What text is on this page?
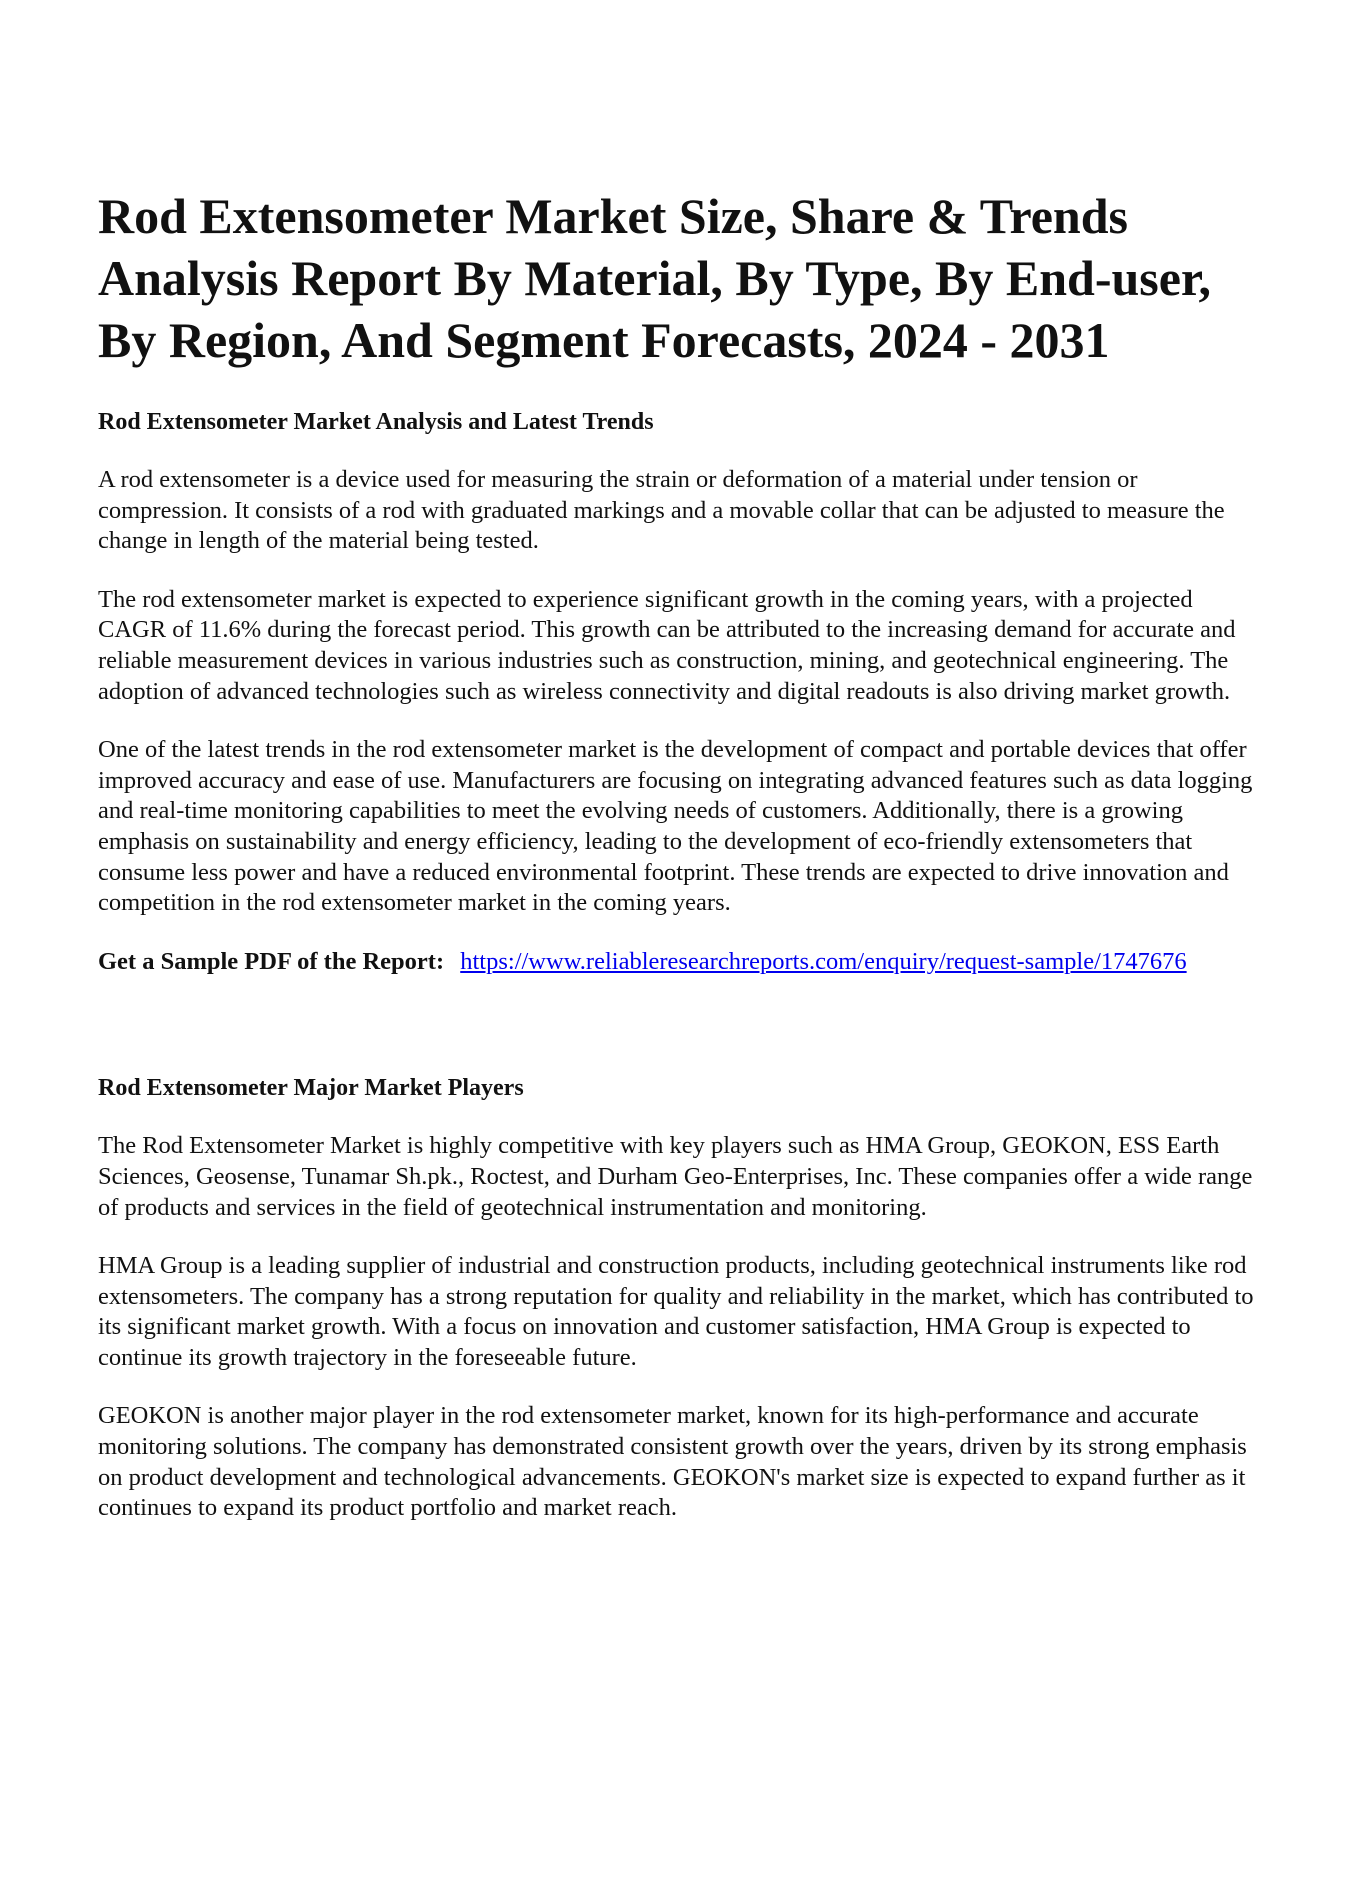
Rod Extensometer Market Size, Share & Trends Analysis Report By Material, By Type, By End-user, By Region, And Segment Forecasts, 2024 - 2031
Rod Extensometer Market Analysis and Latest Trends

A rod extensometer is a device used for measuring the strain or deformation of a material under tension or compression. It consists of a rod with graduated markings and a movable collar that can be adjusted to measure the change in length of the material being tested.

The rod extensometer market is expected to experience significant growth in the coming years, with a projected CAGR of 11.6% during the forecast period. This growth can be attributed to the increasing demand for accurate and reliable measurement devices in various industries such as construction, mining, and geotechnical engineering. The adoption of advanced technologies such as wireless connectivity and digital readouts is also driving market growth.

One of the latest trends in the rod extensometer market is the development of compact and portable devices that offer improved accuracy and ease of use. Manufacturers are focusing on integrating advanced features such as data logging and real-time monitoring capabilities to meet the evolving needs of customers. Additionally, there is a growing emphasis on sustainability and energy efficiency, leading to the development of eco-friendly extensometers that consume less power and have a reduced environmental footprint. These trends are expected to drive innovation and competition in the rod extensometer market in the coming years.

Get a Sample PDF of the Report: https://www.reliableresearchreports.com/enquiry/request-sample/1747676

Rod Extensometer Major Market Players

The Rod Extensometer Market is highly competitive with key players such as HMA Group, GEOKON, ESS Earth Sciences, Geosense, Tunamar Sh.pk., Roctest, and Durham Geo-Enterprises, Inc. These companies offer a wide range of products and services in the field of geotechnical instrumentation and monitoring.

HMA Group is a leading supplier of industrial and construction products, including geotechnical instruments like rod extensometers. The company has a strong reputation for quality and reliability in the market, which has contributed to its significant market growth. With a focus on innovation and customer satisfaction, HMA Group is expected to continue its growth trajectory in the foreseeable future.

GEOKON is another major player in the rod extensometer market, known for its high-performance and accurate monitoring solutions. The company has demonstrated consistent growth over the years, driven by its strong emphasis on product development and technological advancements. GEOKON's market size is expected to expand further as it continues to expand its product portfolio and market reach.
